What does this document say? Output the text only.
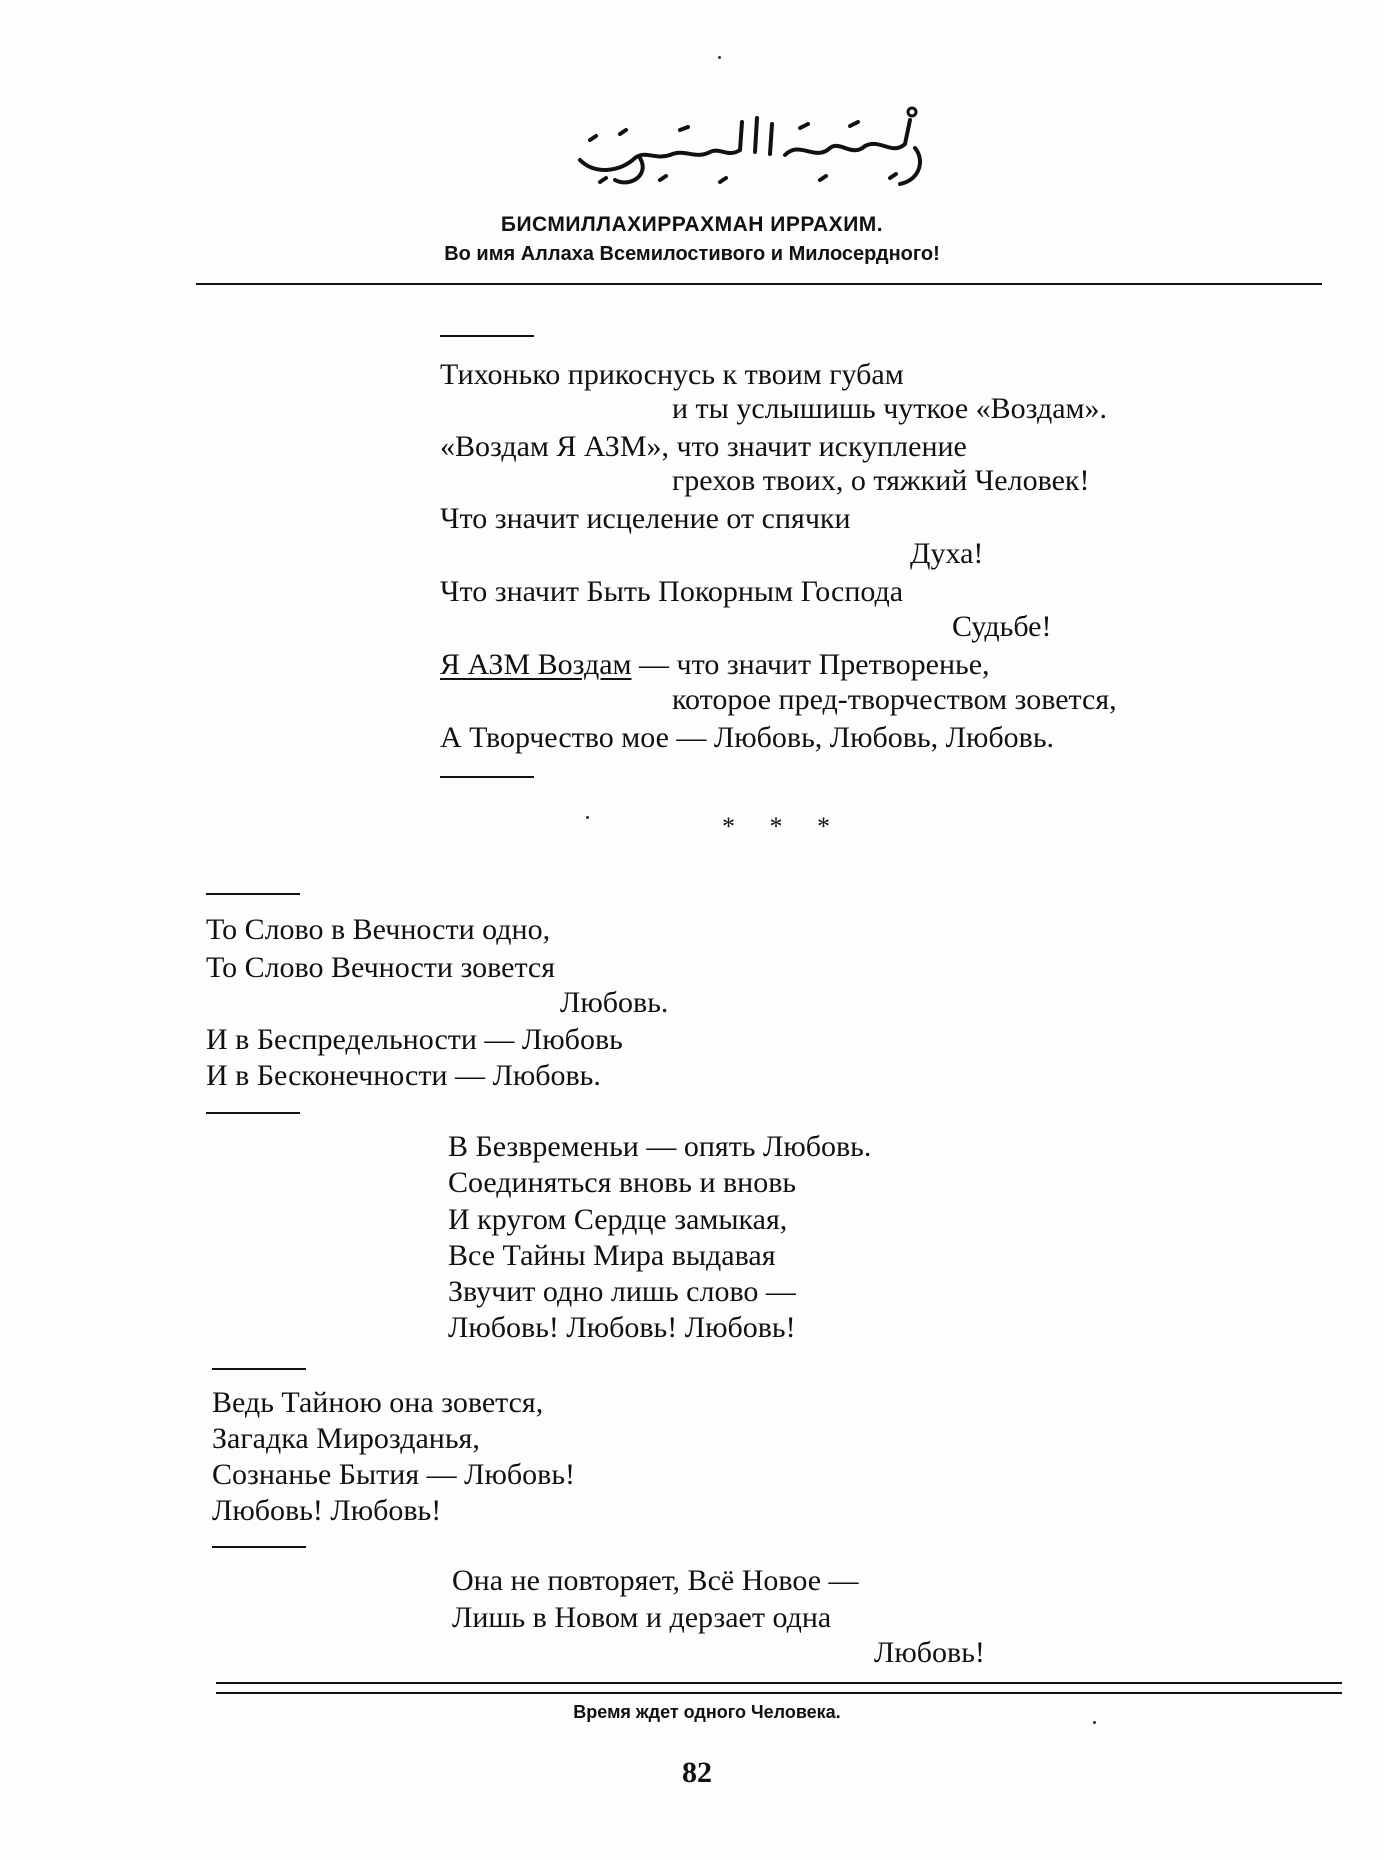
БИСМИЛЛАХИРРАХМАН ИРРАХИМ.
Во имя Аллаха Всемилостивого и Милосердного!
Тихонько прикоснусь к твоим губам
и ты услышишь чуткое «Воздам».
«Воздам Я АЗМ», что значит искупление
грехов твоих, о тяжкий Человек!
Что значит исцеление от спячки
Духа!
Что значит Быть Покорным Господа
Судьбе!
Я АЗМ Воздам — что значит Претворенье,
которое пред-творчеством зовется,
А Творчество мое — Любовь, Любовь, Любовь.
* * *
То Слово в Вечности одно,
То Слово Вечности зовется
Любовь.
И в Беспредельности — Любовь
И в Бесконечности — Любовь.
В Безвременьи — опять Любовь.
Соединяться вновь и вновь
И кругом Сердце замыкая,
Все Тайны Мира выдавая
Звучит одно лишь слово —
Любовь! Любовь! Любовь!
Ведь Тайною она зовется,
Загадка Мирозданья,
Сознанье Бытия — Любовь!
Любовь! Любовь!
Она не повторяет, Всё Новое —
Лишь в Новом и дерзает одна
Любовь!
Время ждет одного Человека.
82
